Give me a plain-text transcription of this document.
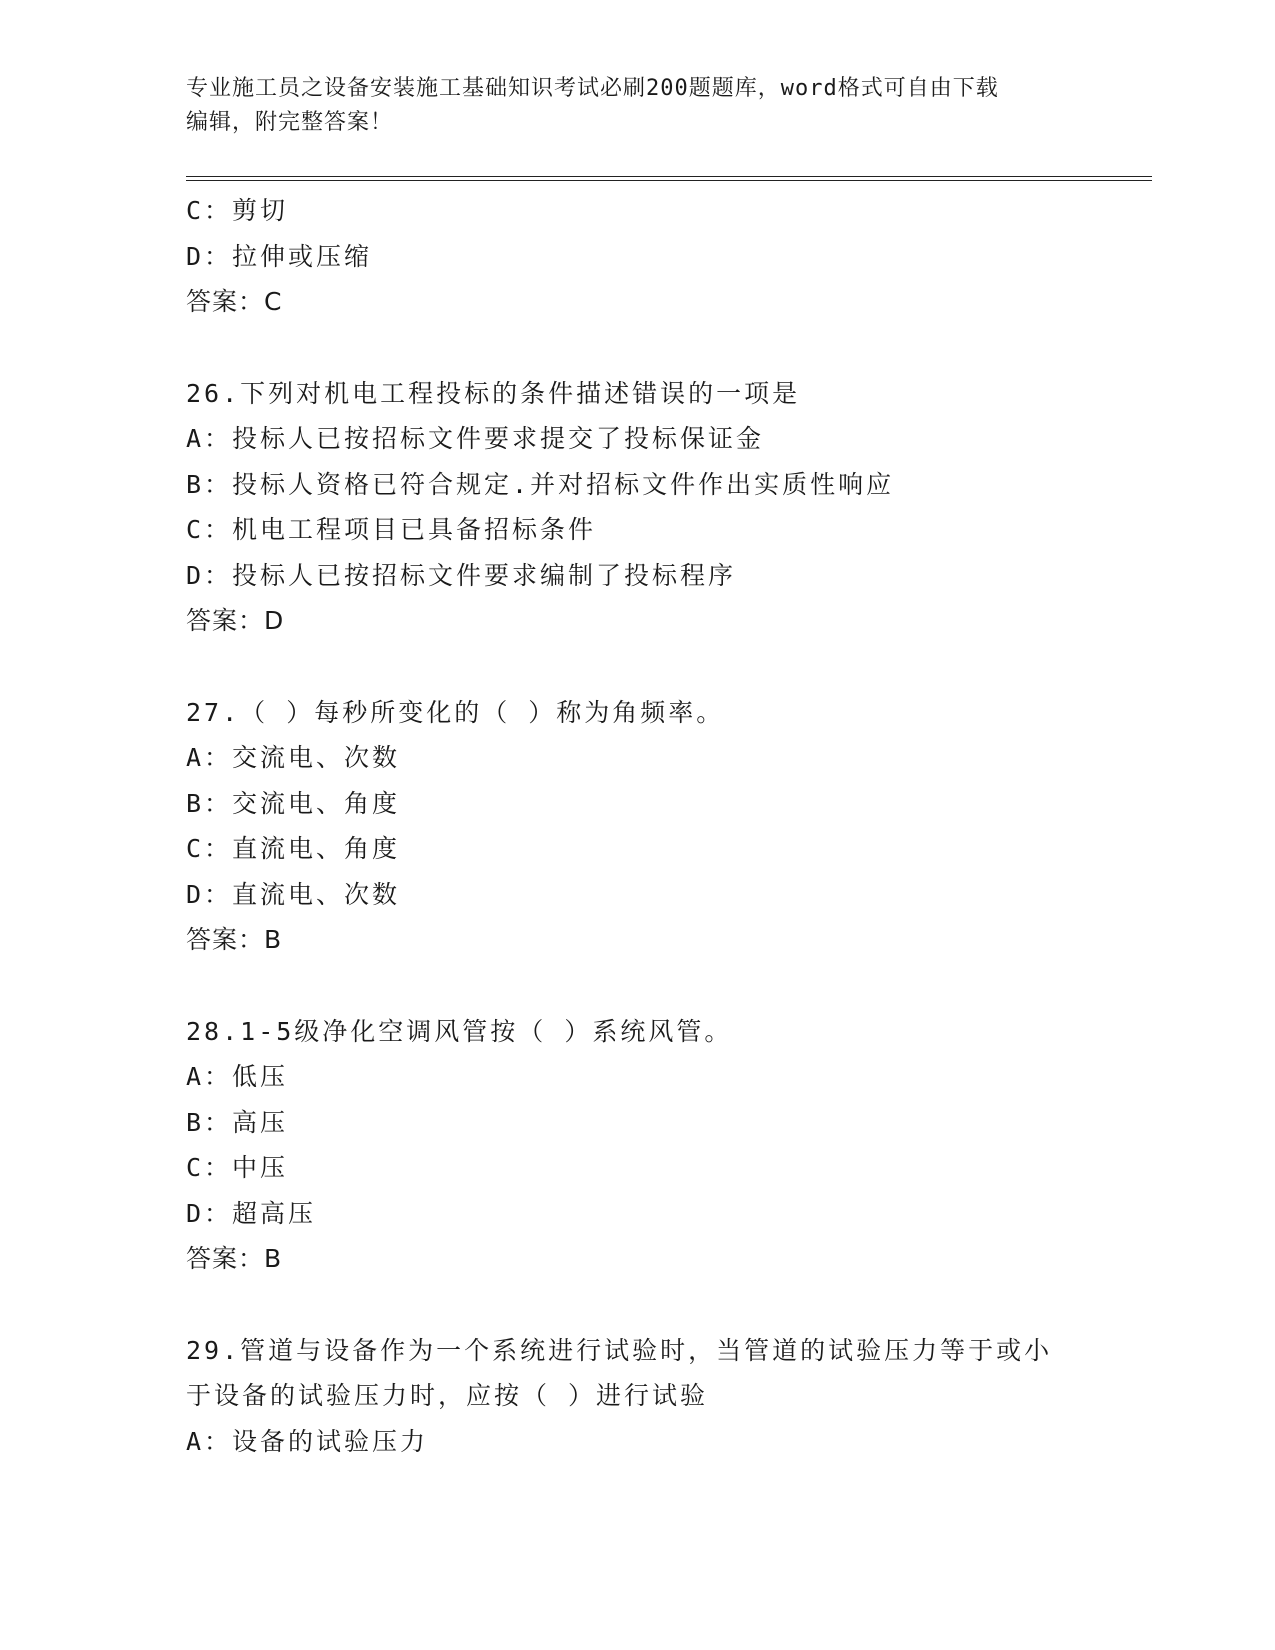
专业施工员之设备安装施工基础知识考试必刷200题题库，word格式可自由下载
编辑，附完整答案！
C：剪切
D：拉伸或压缩
答案：C
26.下列对机电工程投标的条件描述错误的一项是
A：投标人已按招标文件要求提交了投标保证金
B：投标人资格已符合规定.并对招标文件作出实质性响应
C：机电工程项目已具备招标条件
D：投标人已按招标文件要求编制了投标程序
答案：D
27.（ ）每秒所变化的（ ）称为角频率。
A：交流电、次数
B：交流电、角度
C：直流电、角度
D：直流电、次数
答案：B
28.1-5级净化空调风管按（ ）系统风管。
A：低压
B：高压
C：中压
D：超高压
答案：B
29.管道与设备作为一个系统进行试验时，当管道的试验压力等于或小
于设备的试验压力时，应按（ ）进行试验
A：设备的试验压力
